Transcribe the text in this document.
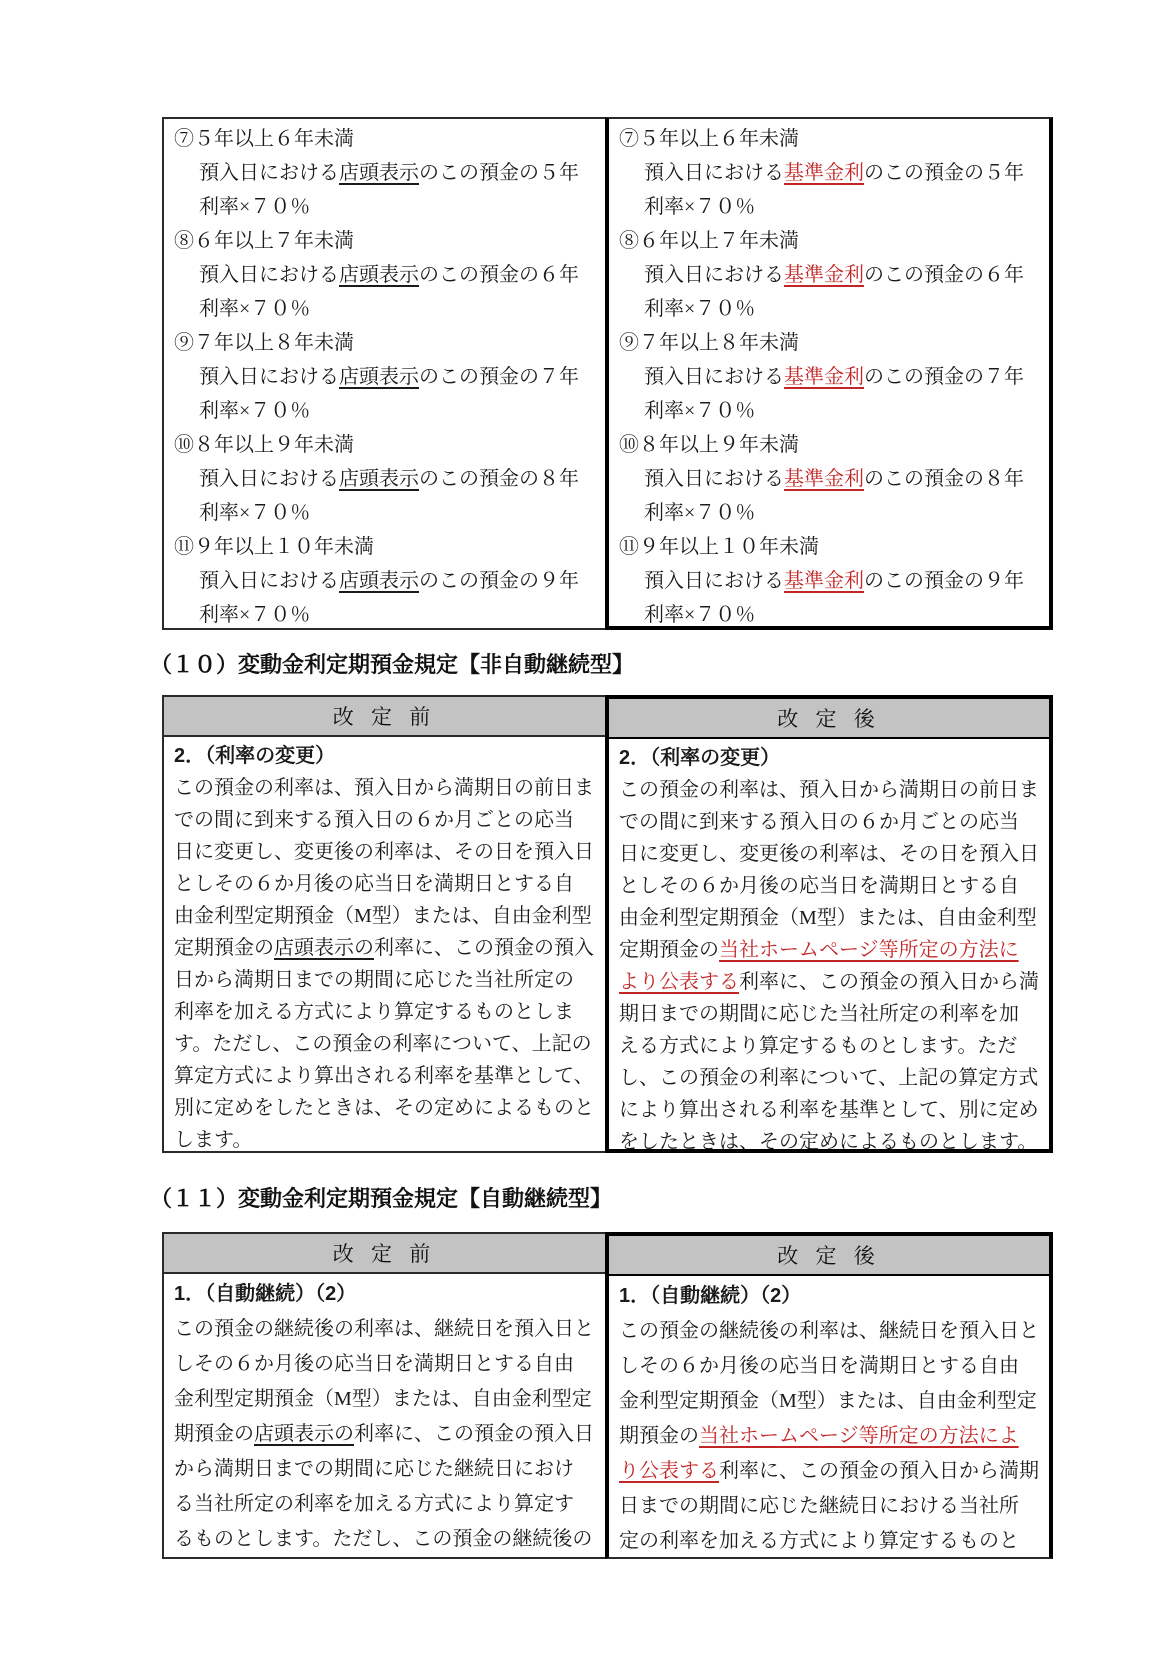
⑦５年以上６年未満
預入日における店頭表示のこの預金の５年
利率×７０％
⑧６年以上７年未満
預入日における店頭表示のこの預金の６年
利率×７０％
⑨７年以上８年未満
預入日における店頭表示のこの預金の７年
利率×７０％
⑩８年以上９年未満
預入日における店頭表示のこの預金の８年
利率×７０％
⑪９年以上１０年未満
預入日における店頭表示のこの預金の９年
利率×７０％
⑦５年以上６年未満
預入日における基準金利のこの預金の５年
利率×７０％
⑧６年以上７年未満
預入日における基準金利のこの預金の６年
利率×７０％
⑨７年以上８年未満
預入日における基準金利のこの預金の７年
利率×７０％
⑩８年以上９年未満
預入日における基準金利のこの預金の８年
利率×７０％
⑪９年以上１０年未満
預入日における基準金利のこの預金の９年
利率×７０％
（１０）変動金利定期預金規定【非自動継続型】
改 定 前
2．（利率の変更）
この預金の利率は、預入日から満期日の前日ま
での間に到来する預入日の６か月ごとの応当
日に変更し、変更後の利率は、その日を預入日
としその６か月後の応当日を満期日とする自
由金利型定期預金（M型）または、自由金利型
定期預金の店頭表示の利率に、この預金の預入
日から満期日までの期間に応じた当社所定の
利率を加える方式により算定するものとしま
す。ただし、この預金の利率について、上記の
算定方式により算出される利率を基準として、
別に定めをしたときは、その定めによるものと
します。
改 定 後
2．（利率の変更）
この預金の利率は、預入日から満期日の前日ま
での間に到来する預入日の６か月ごとの応当
日に変更し、変更後の利率は、その日を預入日
としその６か月後の応当日を満期日とする自
由金利型定期預金（M型）または、自由金利型
定期預金の当社ホームページ等所定の方法に
より公表する利率に、この預金の預入日から満
期日までの期間に応じた当社所定の利率を加
える方式により算定するものとします。ただ
し、この預金の利率について、上記の算定方式
により算出される利率を基準として、別に定め
をしたときは、その定めによるものとします。
（１１）変動金利定期預金規定【自動継続型】
改 定 前
1．（自動継続）（2）
この預金の継続後の利率は、継続日を預入日と
しその６か月後の応当日を満期日とする自由
金利型定期預金（M型）または、自由金利型定
期預金の店頭表示の利率に、この預金の預入日
から満期日までの期間に応じた継続日におけ
る当社所定の利率を加える方式により算定す
るものとします。ただし、この預金の継続後の
改 定 後
1．（自動継続）（2）
この預金の継続後の利率は、継続日を預入日と
しその６か月後の応当日を満期日とする自由
金利型定期預金（M型）または、自由金利型定
期預金の当社ホームページ等所定の方法によ
り公表する利率に、この預金の預入日から満期
日までの期間に応じた継続日における当社所
定の利率を加える方式により算定するものと
